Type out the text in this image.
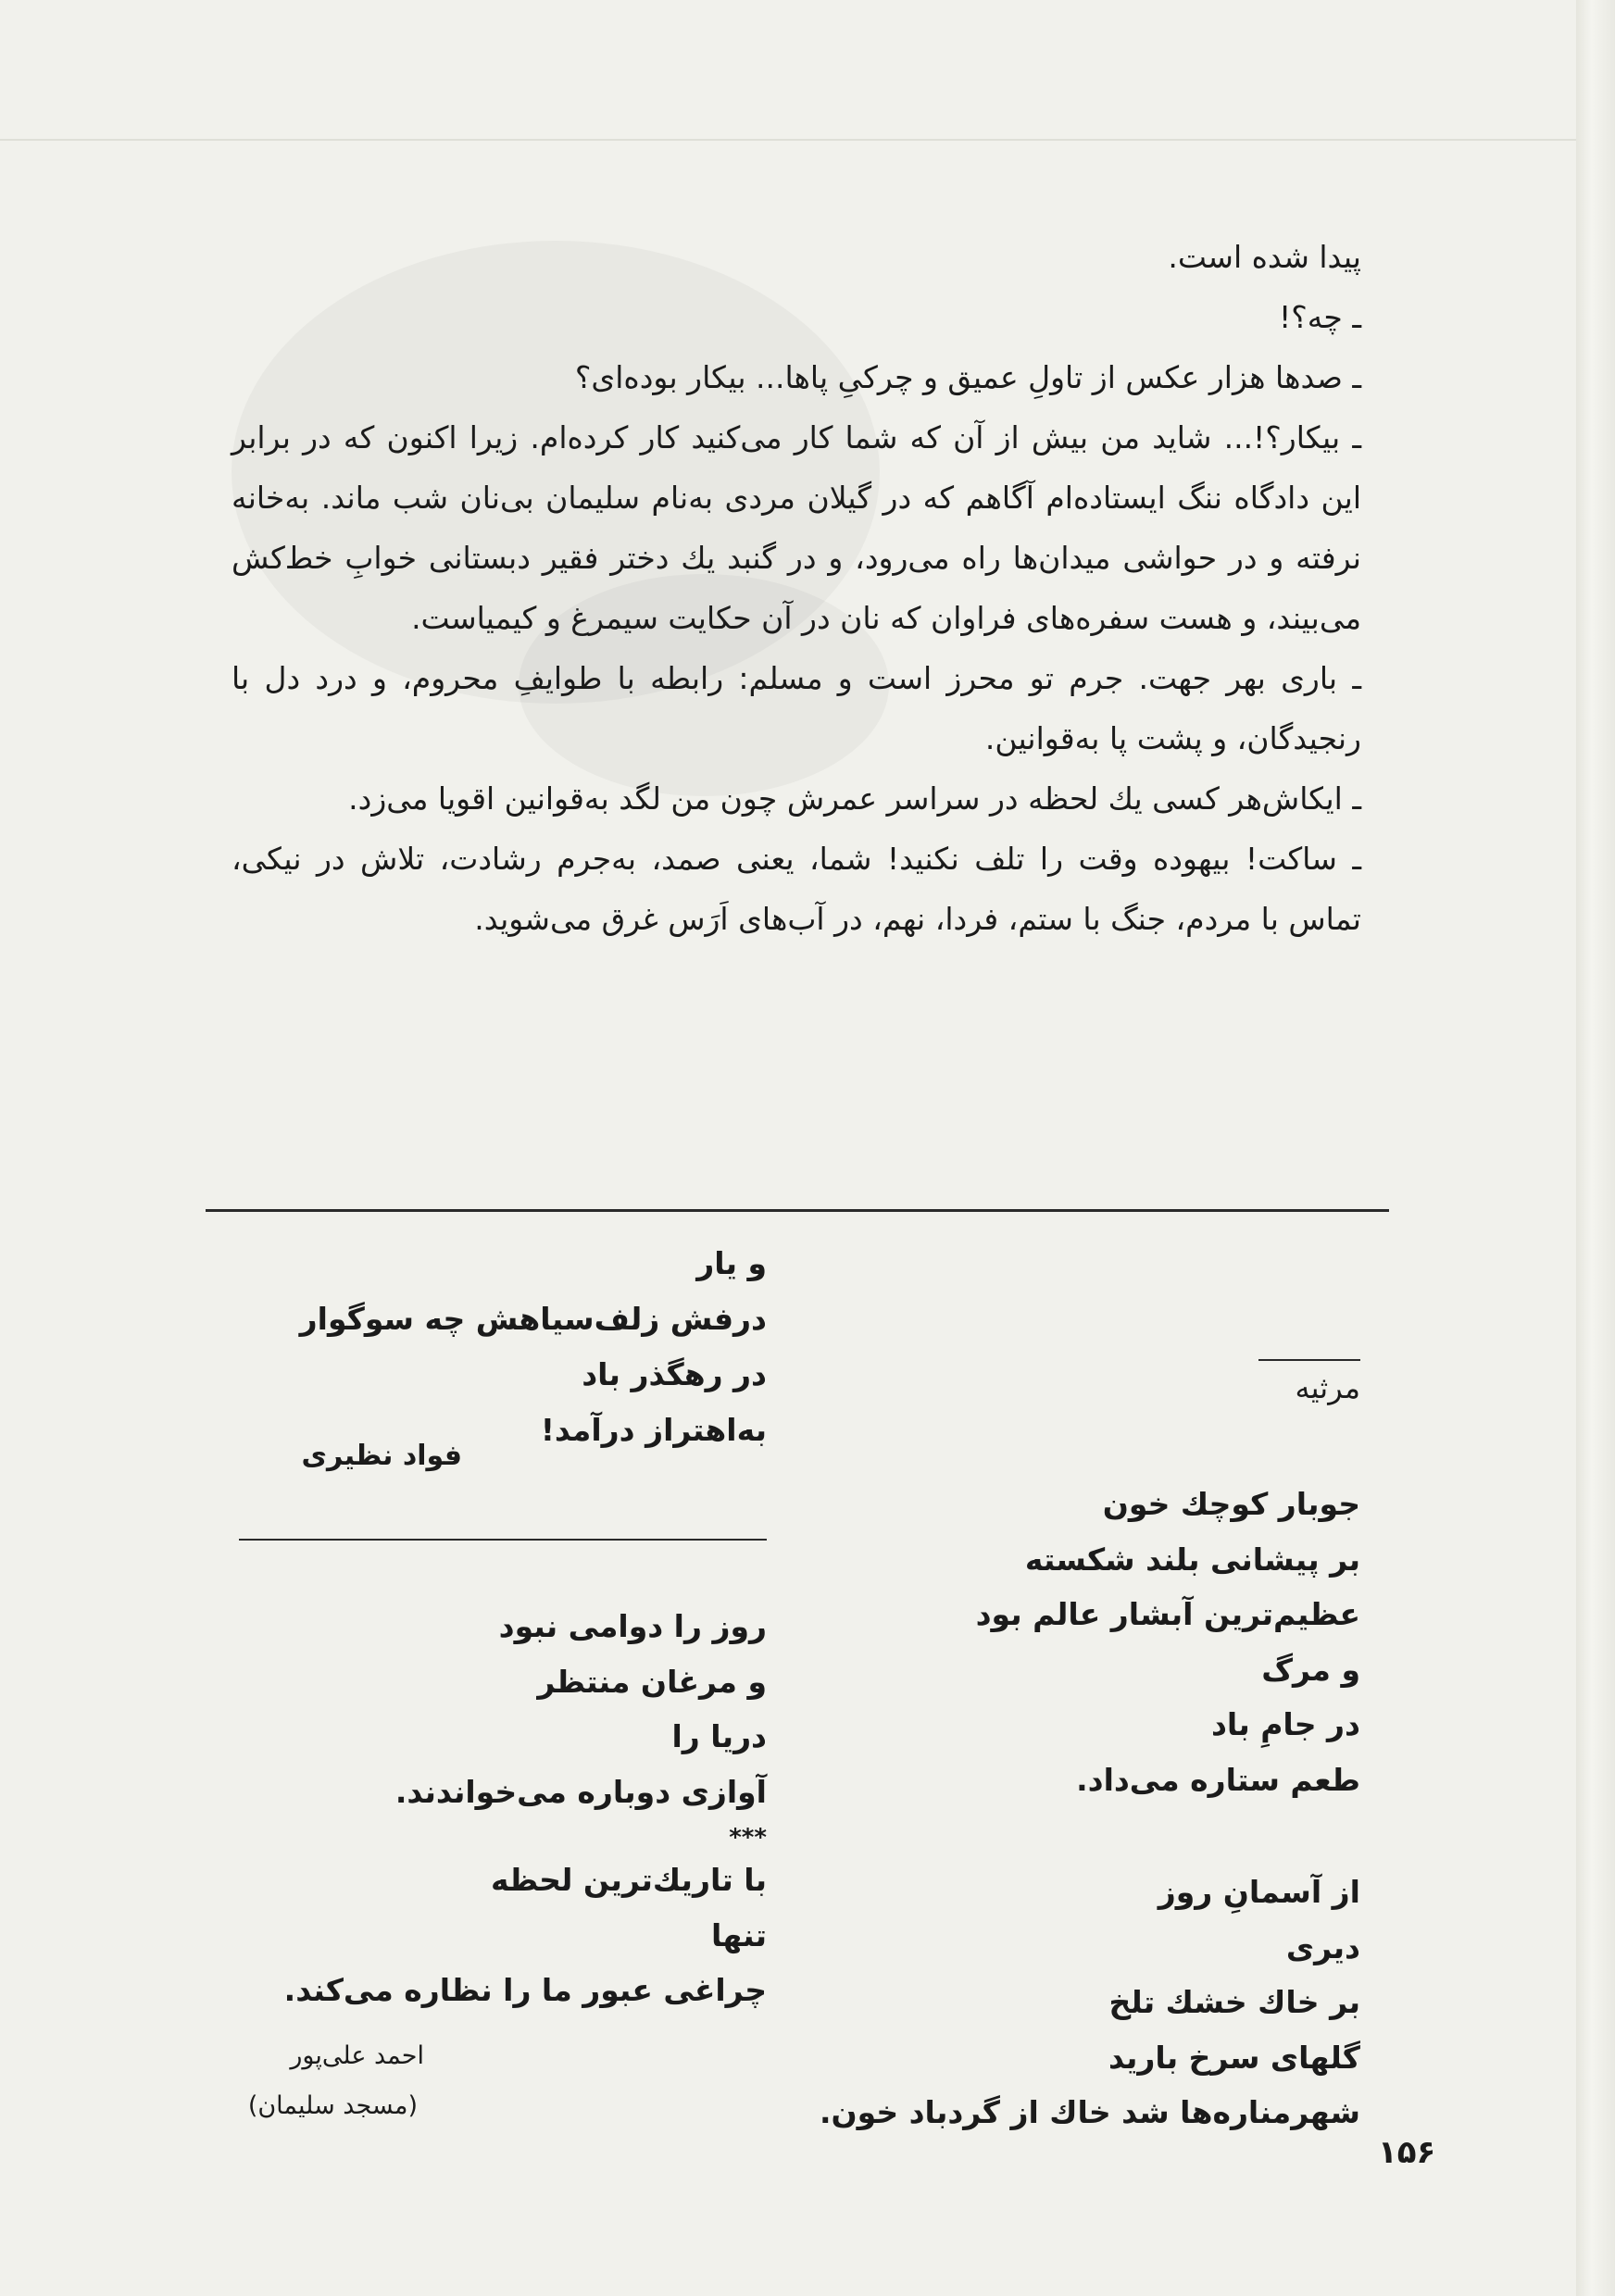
پیدا شده است.

ـ چه؟!

ـ صدها هزار عکس از تاولِ عمیق و چرکیِ پاها... بیکار بوده‌ای؟

ـ بیکار؟!... شاید من بیش از آن که شما کار می‌کنید کار کرده‌ام. زیرا اکنون که در برابر این دادگاه ننگ ایستاده‌ام آگاهم که در گیلان مردی به‌نام سلیمان بی‌نان شب ماند. به‌خانه نرفته و در حواشی میدان‌ها راه می‌رود، و در گنبد یك دختر فقیر دبستانی خوابِ خط‌کش می‌بیند، و هست سفره‌های فراوان که نان در آن حکایت سیمرغ و کیمیاست.

ـ باری بهر جهت. جرم تو محرز است و مسلم: رابطه با طوایفِ محروم، و درد دل با رنجیدگان، و پشت پا به‌قوانین.

ـ ایکاش‌هر کسی یك لحظه در سراسر عمرش چون من لگد به‌قوانین اقویا می‌زد.

ـ ساکت! بیهوده وقت را تلف نکنید! شما، یعنی صمد، به‌جرم رشادت، تلاش در نیکی، تماس با مردم، جنگ با ستم، فردا، نهم، در آب‌های اَرَس غرق می‌شوید.

و یار
درفش زلف‌سیاهش چه سوگوار
در رهگذر باد
به‌اهتراز درآمد!
فواد نظیری
مرثیه
جوبار کوچك خون
بر پیشانی بلند شکسته
عظیم‌ترین آبشار عالم بود
و مرگ
در جامِ باد
طعم ستاره می‌داد.
از آسمانِ روز
دیری
بر خاك خشك تلخ
گلهای سرخ بارید
شهرمناره‌ها شد خاك از گردباد خون.
روز را دوامی نبود
و مرغان منتظر
دریا را
آوازی دوباره می‌خواندند.
***
با تاریك‌ترین لحظه
تنها
چراغی عبور ما را نظاره می‌کند.
احمد علی‌پور
(مسجد سلیمان)
۱۵۶
